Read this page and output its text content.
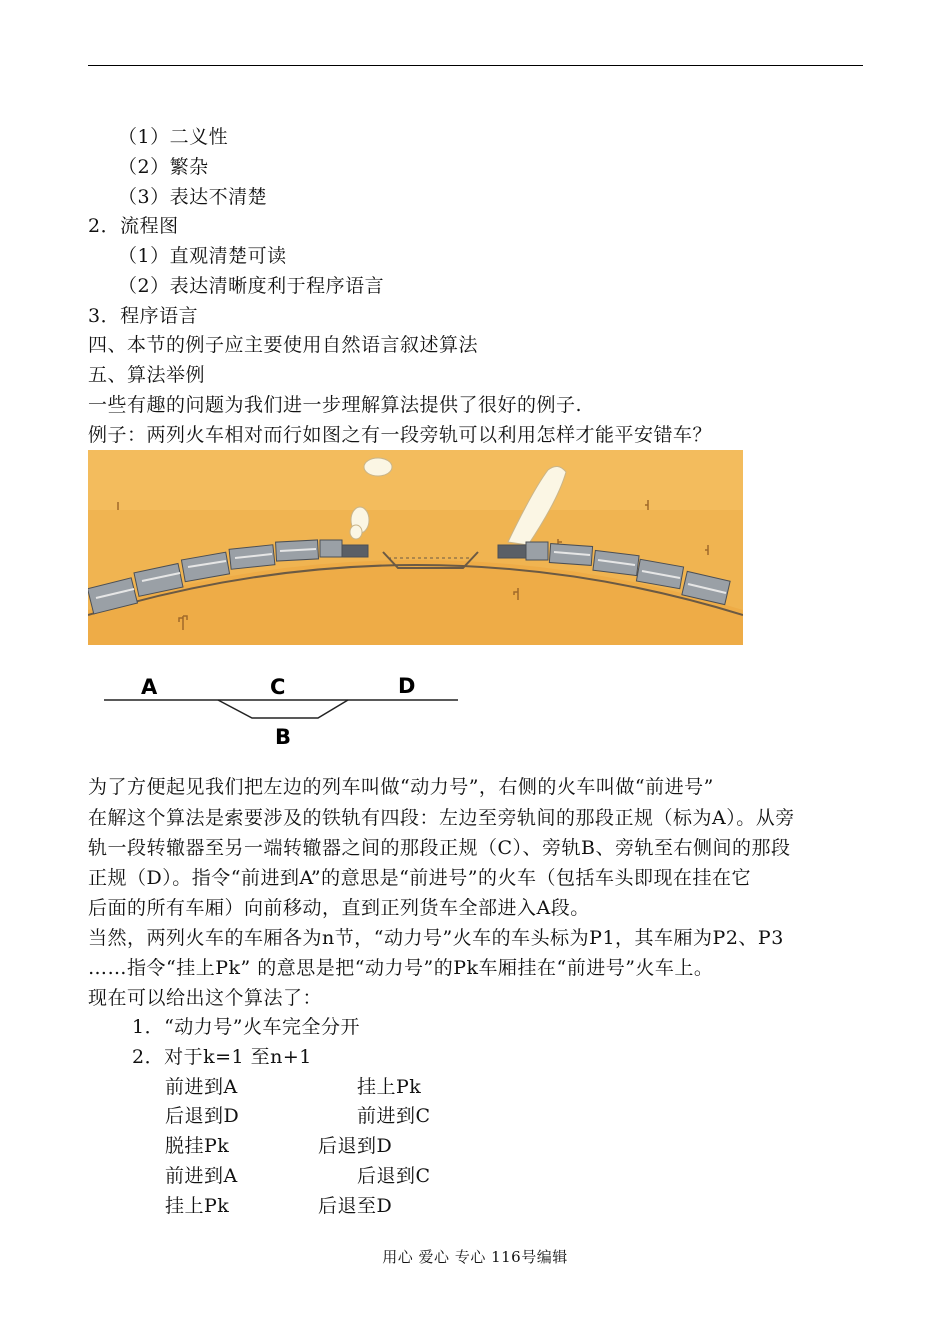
（1）二义性
（2）繁杂
（3）表达不清楚
2．流程图
（1）直观清楚可读
（2）表达清晰度利于程序语言
3．程序语言
四、本节的例子应主要使用自然语言叙述算法
五、算法举例
一些有趣的问题为我们进一步理解算法提供了很好的例子.
例子：两列火车相对而行如图之有一段旁轨可以利用怎样才能平安错车？
A	C	D
B
为了方便起见我们把左边的列车叫做“动力号”，右侧的火车叫做“前进号”
在解这个算法是索要涉及的铁轨有四段：左边至旁轨间的那段正规（标为A）。从旁
轨一段转辙器至另一端转辙器之间的那段正规（C）、旁轨B、旁轨至右侧间的那段
正规（D）。指令“前进到A”的意思是“前进号”的火车（包括车头即现在挂在它
后面的所有车厢）向前移动，直到正列货车全部进入A段。
当然，两列火车的车厢各为n节，“动力号”火车的车头标为P1，其车厢为P2、P3
……指令“挂上Pk” 的意思是把“动力号”的Pk车厢挂在“前进号”火车上。
现在可以给出这个算法了：
1．“动力号”火车完全分开
2．对于k=1 至n+1
前进到A	挂上Pk
后退到D	前进到C
脱挂Pk	后退到D
前进到A	后退到C
挂上Pk	后退至D
用心 爱心 专心 116号编辑
